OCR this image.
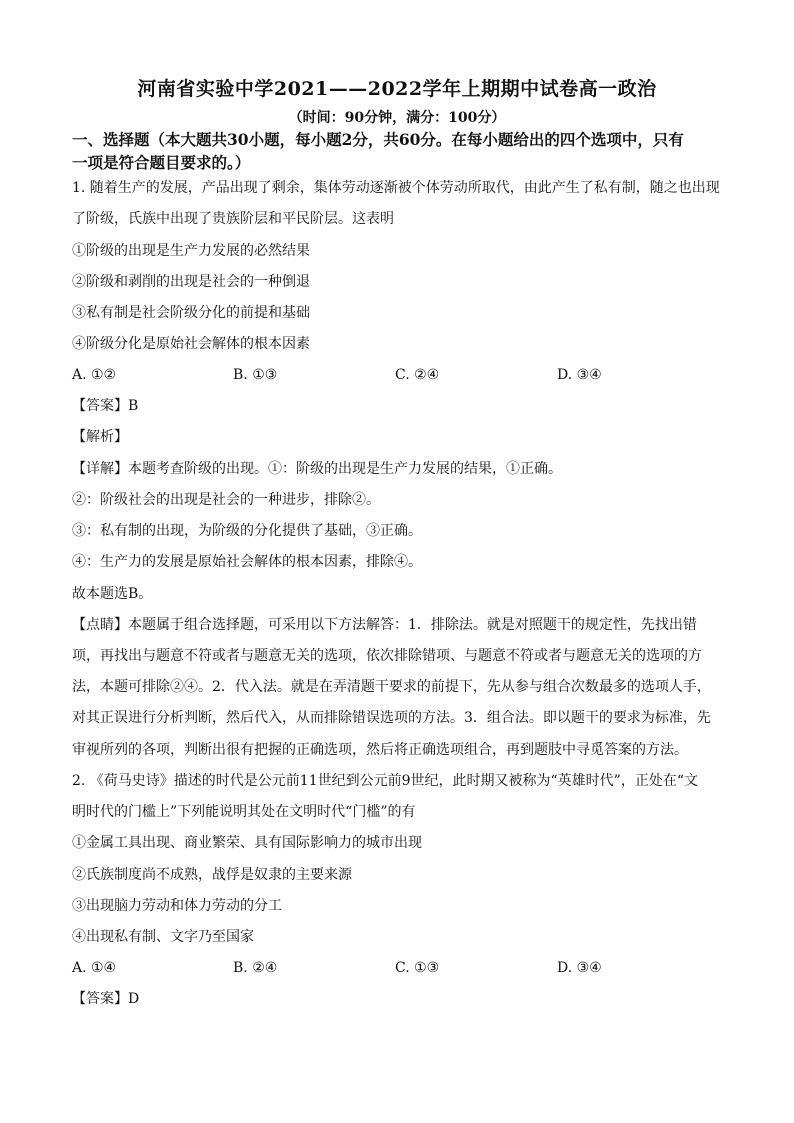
河南省实验中学2021——2022学年上期期中试卷高一政治
（时间：90分钟，满分：100分）
一、选择题（本大题共30小题，每小题2分，共60分。在每小题给出的四个选项中，只有
一项是符合题目要求的。）
1. 随着生产的发展，产品出现了剩余，集体劳动逐渐被个体劳动所取代，由此产生了私有制，随之也出现
了阶级，氏族中出现了贵族阶层和平民阶层。这表明
①阶级的出现是生产力发展的必然结果
②阶级和剥削的出现是社会的一种倒退
③私有制是社会阶级分化的前提和基础
④阶级分化是原始社会解体的根本因素
A. ①②	B. ①③	C. ②④	D. ③④
【答案】B
【解析】
【详解】本题考查阶级的出现。①：阶级的出现是生产力发展的结果，①正确。
②：阶级社会的出现是社会的一种进步，排除②。
③：私有制的出现，为阶级的分化提供了基础，③正确。
④：生产力的发展是原始社会解体的根本因素，排除④。
故本题选B。
【点睛】本题属于组合选择题，可采用以下方法解答：1．排除法。就是对照题干的规定性，先找出错
项，再找出与题意不符或者与题意无关的选项，依次排除错项、与题意不符或者与题意无关的选项的方
法，本题可排除②④。2．代入法。就是在弄清题干要求的前提下，先从参与组合次数最多的选项人手，
对其正误进行分析判断，然后代入，从而排除错误选项的方法。3．组合法。即以题干的要求为标准，先
审视所列的各项，判断出很有把握的正确选项，然后将正确选项组合，再到题肢中寻觅答案的方法。
2. 《荷马史诗》描述的时代是公元前11世纪到公元前9世纪，此时期又被称为“英雄时代”，正处在“文
明时代的门槛上”下列能说明其处在文明时代“门槛”的有
①金属工具出现、商业繁荣、具有国际影响力的城市出现
②氏族制度尚不成熟，战俘是奴隶的主要来源
③出现脑力劳动和体力劳动的分工
④出现私有制、文字乃至国家
A. ①④	B. ②④	C. ①③	D. ③④
【答案】D
